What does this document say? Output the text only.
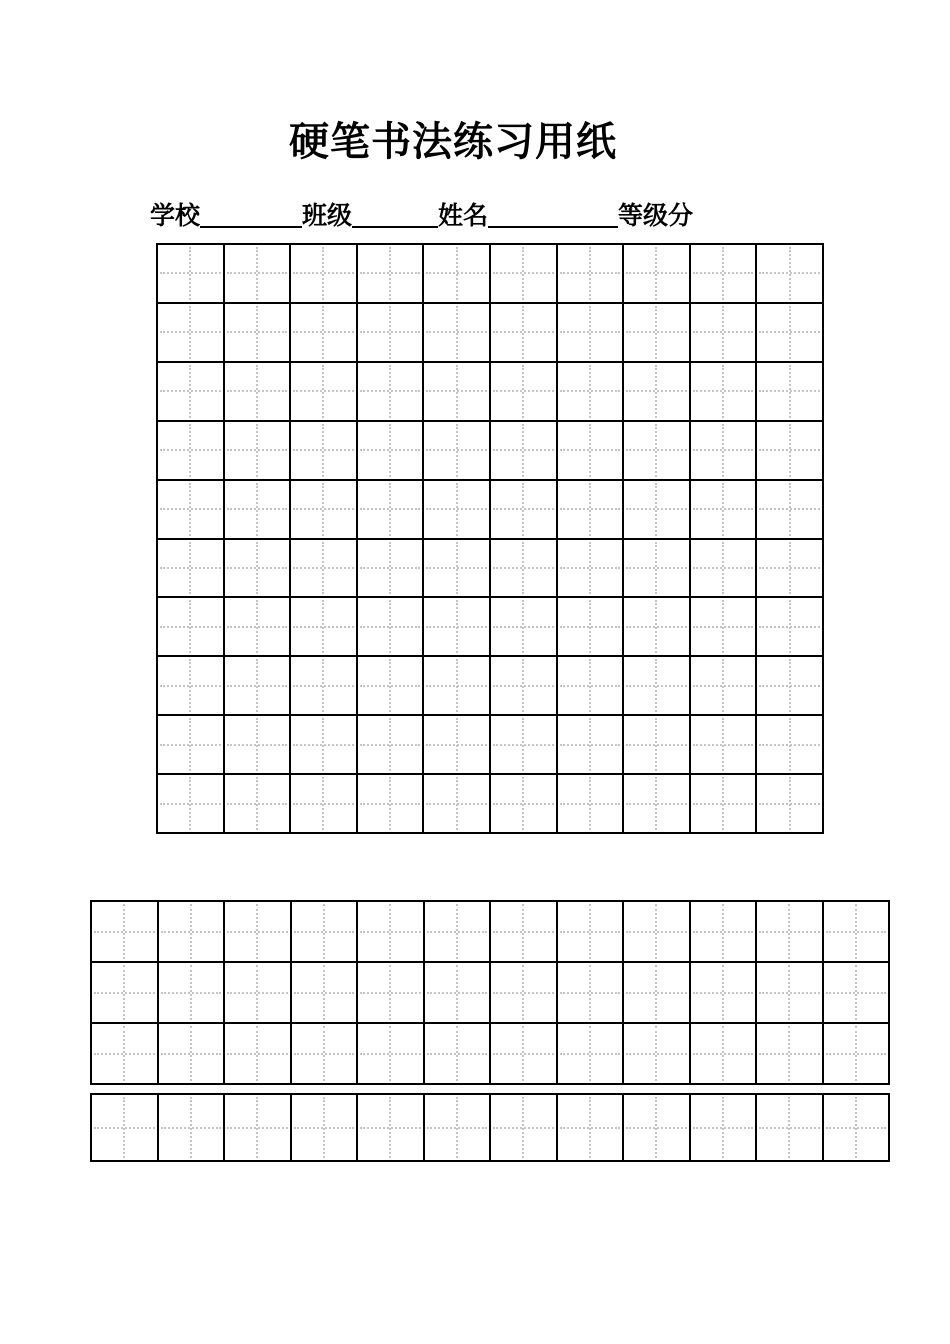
硬笔书法练习用纸
学校	班级	姓名	等级分
